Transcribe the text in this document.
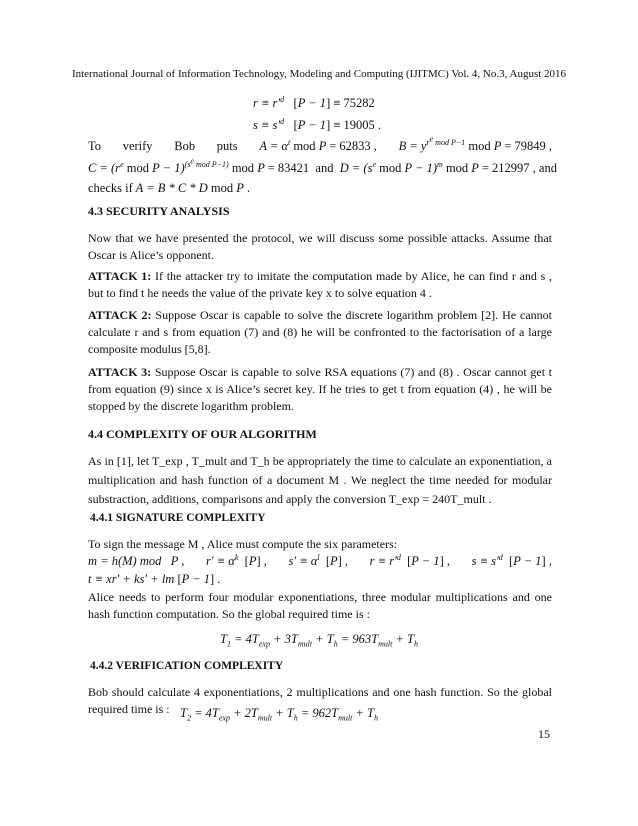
International Journal of Information Technology, Modeling and Computing (IJITMC) Vol. 4, No.3, August 2016
$r \equiv r'^d$ [P − 1] ≡ 75282
$s \equiv s'^d$ [P − 1] ≡ 19005 .
To verify Bob puts $A = \alpha^t$ mod P = 62833 , $B = y^{r^e mod P-1}$ mod P = 79849 ,
$C = (r^e$ mod P − 1)$^{(s^e mod P-1)}$ mod P = 83421  and  $D = (s^e$ mod P − 1)$^m$ mod P = 212997 , and
checks if A = B * C * D mod P .
4.3 SECURITY ANALYSIS
Now that we have presented the protocol, we will discuss some possible attacks. Assume that Oscar is Alice’s opponent.
ATTACK 1: If the attacker try to imitate the computation made by Alice, he can find r and s , but to find t he needs the value of the private key x to solve equation 4 .
ATTACK 2: Suppose Oscar is capable to solve the discrete logarithm problem [2]. He cannot calculate r and s from equation (7) and (8) he will be confronted to the factorisation of a large composite modulus [5,8].
ATTACK 3: Suppose Oscar is capable to solve RSA equations (7) and (8) . Oscar cannot get t from equation (9) since x is Alice’s secret key. If he tries to get t from equation (4) , he will be stopped by the discrete logarithm problem.
4.4 COMPLEXITY OF OUR ALGORITHM
As in [1], let T_exp , T_mult and T_h be appropriately the time to calculate an exponentiation, a multiplication and hash function of a document M . We neglect the time needed for modular substraction, additions, comparisons and apply the conversion T_exp = 240T_mult .
4.4.1 SIGNATURE COMPLEXITY
To sign the message M , Alice must compute the six parameters:
m = h(M) mod   P , $r' \equiv \alpha^k$ [P] , $s' \equiv \alpha^l$ [P] , $r \equiv r'^d$ [P − 1] , $s \equiv s'^d$ [P − 1] ,
t ≡ xr′ + ks′ + lm [P − 1] .
Alice needs to perform four modular exponentiations, three modular multiplications and one hash function computation. So the global required time is :
$T_1 = 4T_{exp} + 3T_{mult} + T_h = 963T_{mult} + T_h$
4.4.2 VERIFICATION COMPLEXITY
Bob should calculate 4 exponentiations, 2 multiplications and one hash function. So the global required time is : $T_2 = 4T_{exp} + 2T_{mult} + T_h = 962T_{mult} + T_h$
15
